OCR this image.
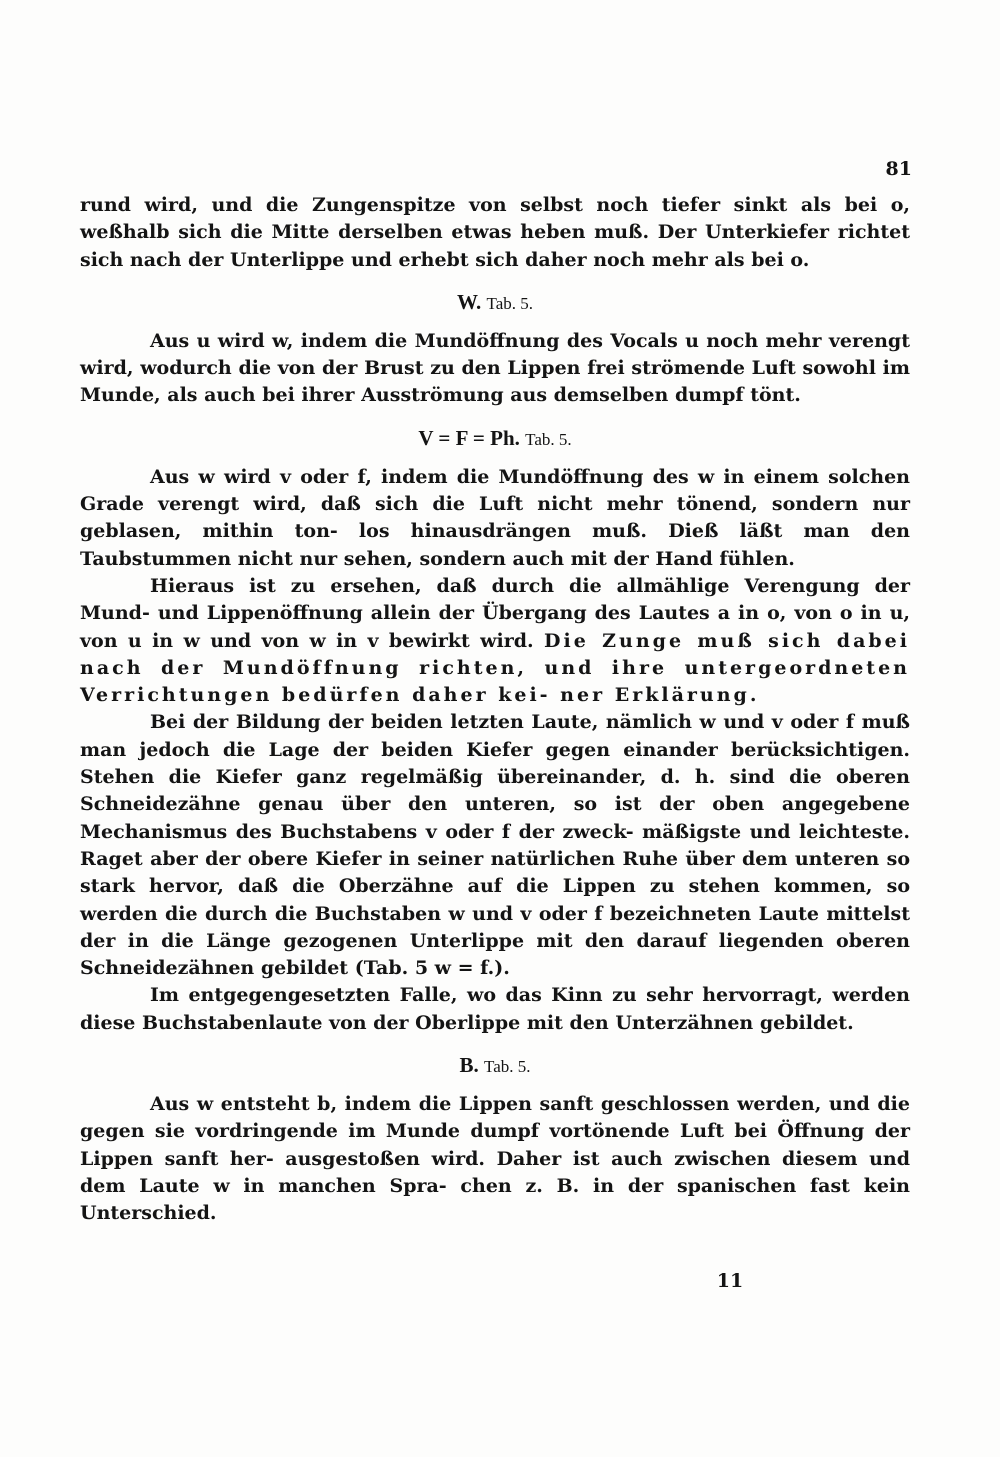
81

rund wird, und die Zungenspitze von selbst noch tiefer sinkt als bei o, weßhalb sich die Mitte derselben etwas heben muß. Der Unterkiefer richtet sich nach der Unterlippe und erhebt sich daher noch mehr als bei o.

W. Tab. 5.

Aus u wird w, indem die Mundöffnung des Vocals u noch mehr verengt wird, wodurch die von der Brust zu den Lippen frei strömende Luft sowohl im Munde, als auch bei ihrer Ausströmung aus demselben dumpf tönt.

V = F = Ph. Tab. 5.

Aus w wird v oder f, indem die Mundöffnung des w in einem solchen Grade verengt wird, daß sich die Luft nicht mehr tönend, sondern nur geblasen, mithin ton- los hinausdrängen muß. Dieß läßt man den Taubstummen nicht nur sehen, sondern auch mit der Hand fühlen.

Hieraus ist zu ersehen, daß durch die allmählige Verengung der Mund- und Lippenöffnung allein der Übergang des Lautes a in o, von o in u, von u in w und von w in v bewirkt wird. Die Zunge muß sich dabei nach der Mundöffnung richten, und ihre untergeordneten Verrichtungen bedürfen daher kei- ner Erklärung.

Bei der Bildung der beiden letzten Laute, nämlich w und v oder f muß man jedoch die Lage der beiden Kiefer gegen einander berücksichtigen. Stehen die Kiefer ganz regelmäßig übereinander, d. h. sind die oberen Schneidezähne genau über den unteren, so ist der oben angegebene Mechanismus des Buchstabens v oder f der zweck- mäßigste und leichteste. Raget aber der obere Kiefer in seiner natürlichen Ruhe über dem unteren so stark hervor, daß die Oberzähne auf die Lippen zu stehen kommen, so werden die durch die Buchstaben w und v oder f bezeichneten Laute mittelst der in die Länge gezogenen Unterlippe mit den darauf liegenden oberen Schneidezähnen gebildet (Tab. 5 w = f.).

Im entgegengesetzten Falle, wo das Kinn zu sehr hervorragt, werden diese Buchstabenlaute von der Oberlippe mit den Unterzähnen gebildet.

B. Tab. 5.

Aus w entsteht b, indem die Lippen sanft geschlossen werden, und die gegen sie vordringende im Munde dumpf vortönende Luft bei Öffnung der Lippen sanft her- ausgestoßen wird. Daher ist auch zwischen diesem und dem Laute w in manchen Spra- chen z. B. in der spanischen fast kein Unterschied.

11
